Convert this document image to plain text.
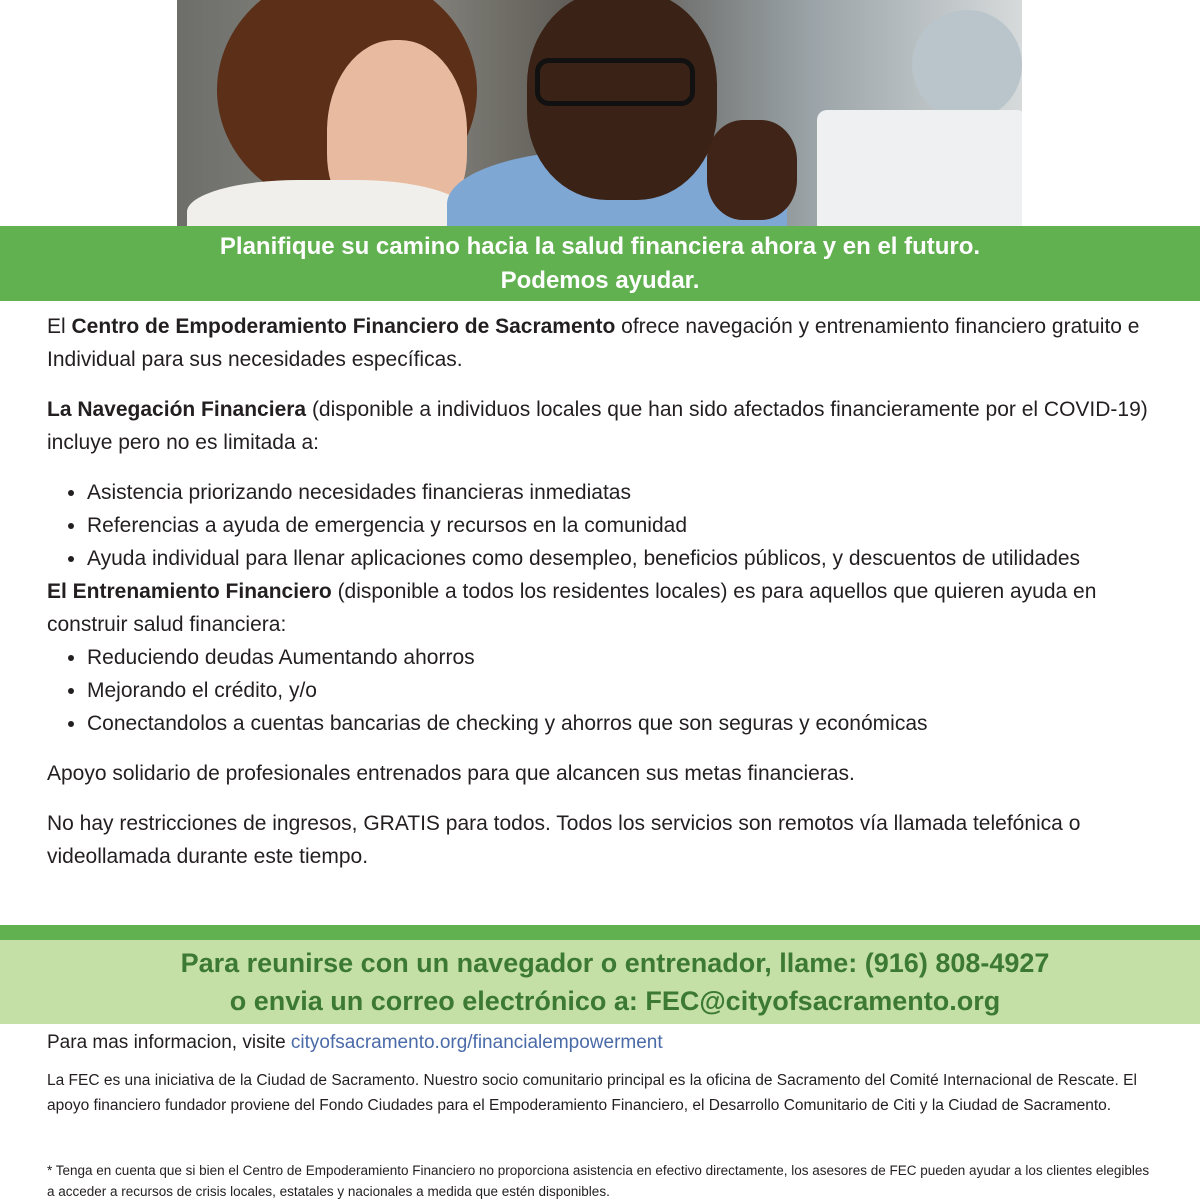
Planifique su camino hacia la salud financiera ahora y en el futuro.
Podemos ayudar.

El Centro de Empoderamiento Financiero de Sacramento ofrece navegación y entrenamiento financiero gratuito e Individual para sus necesidades específicas.

La Navegación Financiera (disponible a individuos locales que han sido afectados financieramente por el COVID-19) incluye pero no es limitada a:

• Asistencia priorizando necesidades financieras inmediatas
• Referencias a ayuda de emergencia y recursos en la comunidad
• Ayuda individual para llenar aplicaciones como desempleo, beneficios públicos, y descuentos de utilidades

El Entrenamiento Financiero (disponible a todos los residentes locales) es para aquellos que quieren ayuda en construir salud financiera:

• Reduciendo deudas Aumentando ahorros
• Mejorando el crédito, y/o
• Conectandolos a cuentas bancarias de checking y ahorros que son seguras y económicas

Apoyo solidario de profesionales entrenados para que alcancen sus metas financieras.

No hay restricciones de ingresos, GRATIS para todos. Todos los servicios son remotos vía llamada telefónica o videollamada durante este tiempo.

Para reunirse con un navegador o entrenador, llame: (916) 808-4927
o envia un correo electrónico a: FEC@cityofsacramento.org
Para mas informacion, visite cityofsacramento.org/financialempowerment
La FEC es una iniciativa de la Ciudad de Sacramento. Nuestro socio comunitario principal es la oficina de Sacramento del Comité Internacional de Rescate. El apoyo financiero fundador proviene del Fondo Ciudades para el Empoderamiento Financiero, el Desarrollo Comunitario de Citi y la Ciudad de Sacramento.
* Tenga en cuenta que si bien el Centro de Empoderamiento Financiero no proporciona asistencia en efectivo directamente, los asesores de FEC pueden ayudar a los clientes elegibles a acceder a recursos de crisis locales, estatales y nacionales a medida que estén disponibles.
